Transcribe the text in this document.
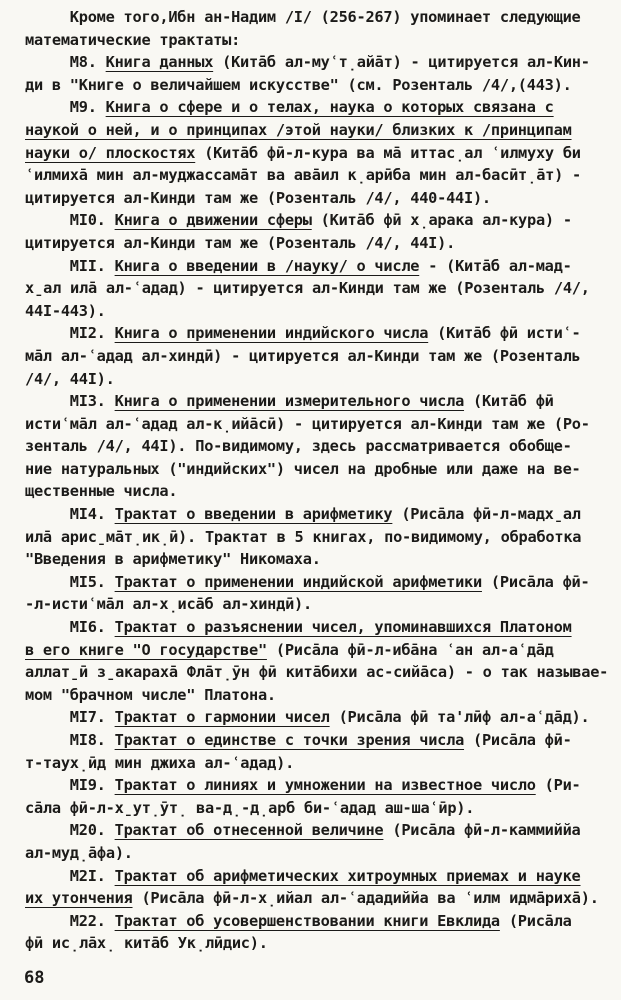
Кроме того,Ибн ан-Надим /I/ (256-267) упоминает следующие
математические трактаты:
М8. Книга данных (Кита̄б ал-муʿт̣айа̄т) - цитируется ал-Кин-
ди в "Книге о величайшем искусстве" (см. Розенталь /4/,(443).
М9. Книга о сфере и о телах, наука о которых связана с
наукой о ней, и о принципах /этой науки/ близких к /принципам
науки о/ плоскостях (Кита̄б фӣ-л-кура ва ма̄ иттас̣ал ʿилмуху би
ʿилмиха̄ мин ал-муджассама̄т ва ава̄ил к̣арӣба мин ал-басӣт̣а̄т) -
цитируется ал-Кинди там же (Розенталь /4/, 440-44I).
МI0. Книга о движении сферы (Кита̄б фӣ х̣арака ал-кура) -
цитируется ал-Кинди там же (Розенталь /4/, 44I).
МII. Книга о введении в /науку/ о числе - (Кита̄б ал-мад-
х̱ал ила̄ ал-ʿадад) - цитируется ал-Кинди там же (Розенталь /4/,
44I-443).
МI2. Книга о применении индийского числа (Кита̄б фӣ истиʿ-
ма̄л ал-ʿадад ал-хиндӣ) - цитируется ал-Кинди там же (Розенталь
/4/, 44I).
МI3. Книга о применении измерительного числа (Кита̄б фӣ
истиʿма̄л ал-ʿадад ал-к̣ийа̄сӣ) - цитируется ал-Кинди там же (Ро-
зенталь /4/, 44I). По-видимому, здесь рассматривается обобще-
ние натуральных ("индийских") чисел на дробные или даже на ве-
щественные числа.
МI4. Трактат о введении в арифметику (Риса̄ла фӣ-л-мадх̱ал
ила̄ арис̱ма̄т̣ик̣ӣ). Трактат в 5 книгах, по-видимому, обработка
"Введения в арифметику" Никомаха.
МI5. Трактат о применении индийской арифметики (Риса̄ла фӣ-
-л-истиʿма̄л ал-х̣иса̄б ал-хиндӣ).
МI6. Трактат о разъяснении чисел, упоминавшихся Платоном
в его книге "О государстве" (Риса̄ла фӣ-л-иба̄на ʿан ал-аʿда̄д
аллат̱ӣ з̱акараха̄ Фла̄т̣ӯн фӣ кита̄бихи ас-сийа̄са) - о так называе-
мом "брачном числе" Платона.
МI7. Трактат о гармонии чисел (Риса̄ла фӣ та'лӣф ал-аʿда̄д).
МI8. Трактат о единстве с точки зрения числа (Риса̄ла фӣ-
т-таух̣ӣд мин джиха ал-ʿадад).
МI9. Трактат о линиях и умножении на известное число (Ри-
са̄ла фӣ-л-х̱ут̣ӯт̣ ва-д̣-д̣арб би-ʿадад аш-шаʿӣр).
М20. Трактат об отнесенной величине (Риса̄ла фӣ-л-каммиййа
ал-муд̣а̄фа).
М2I. Трактат об арифметических хитроумных приемах и науке
их утончения (Риса̄ла фӣ-л-х̣ийал ал-ʿададиййа ва ʿилм идма̄риха̄).
М22. Трактат об усовершенствовании книги Евклида (Риса̄ла
фӣ ис̣ла̄х̣ кита̄б Ук̣лӣдис).
68
